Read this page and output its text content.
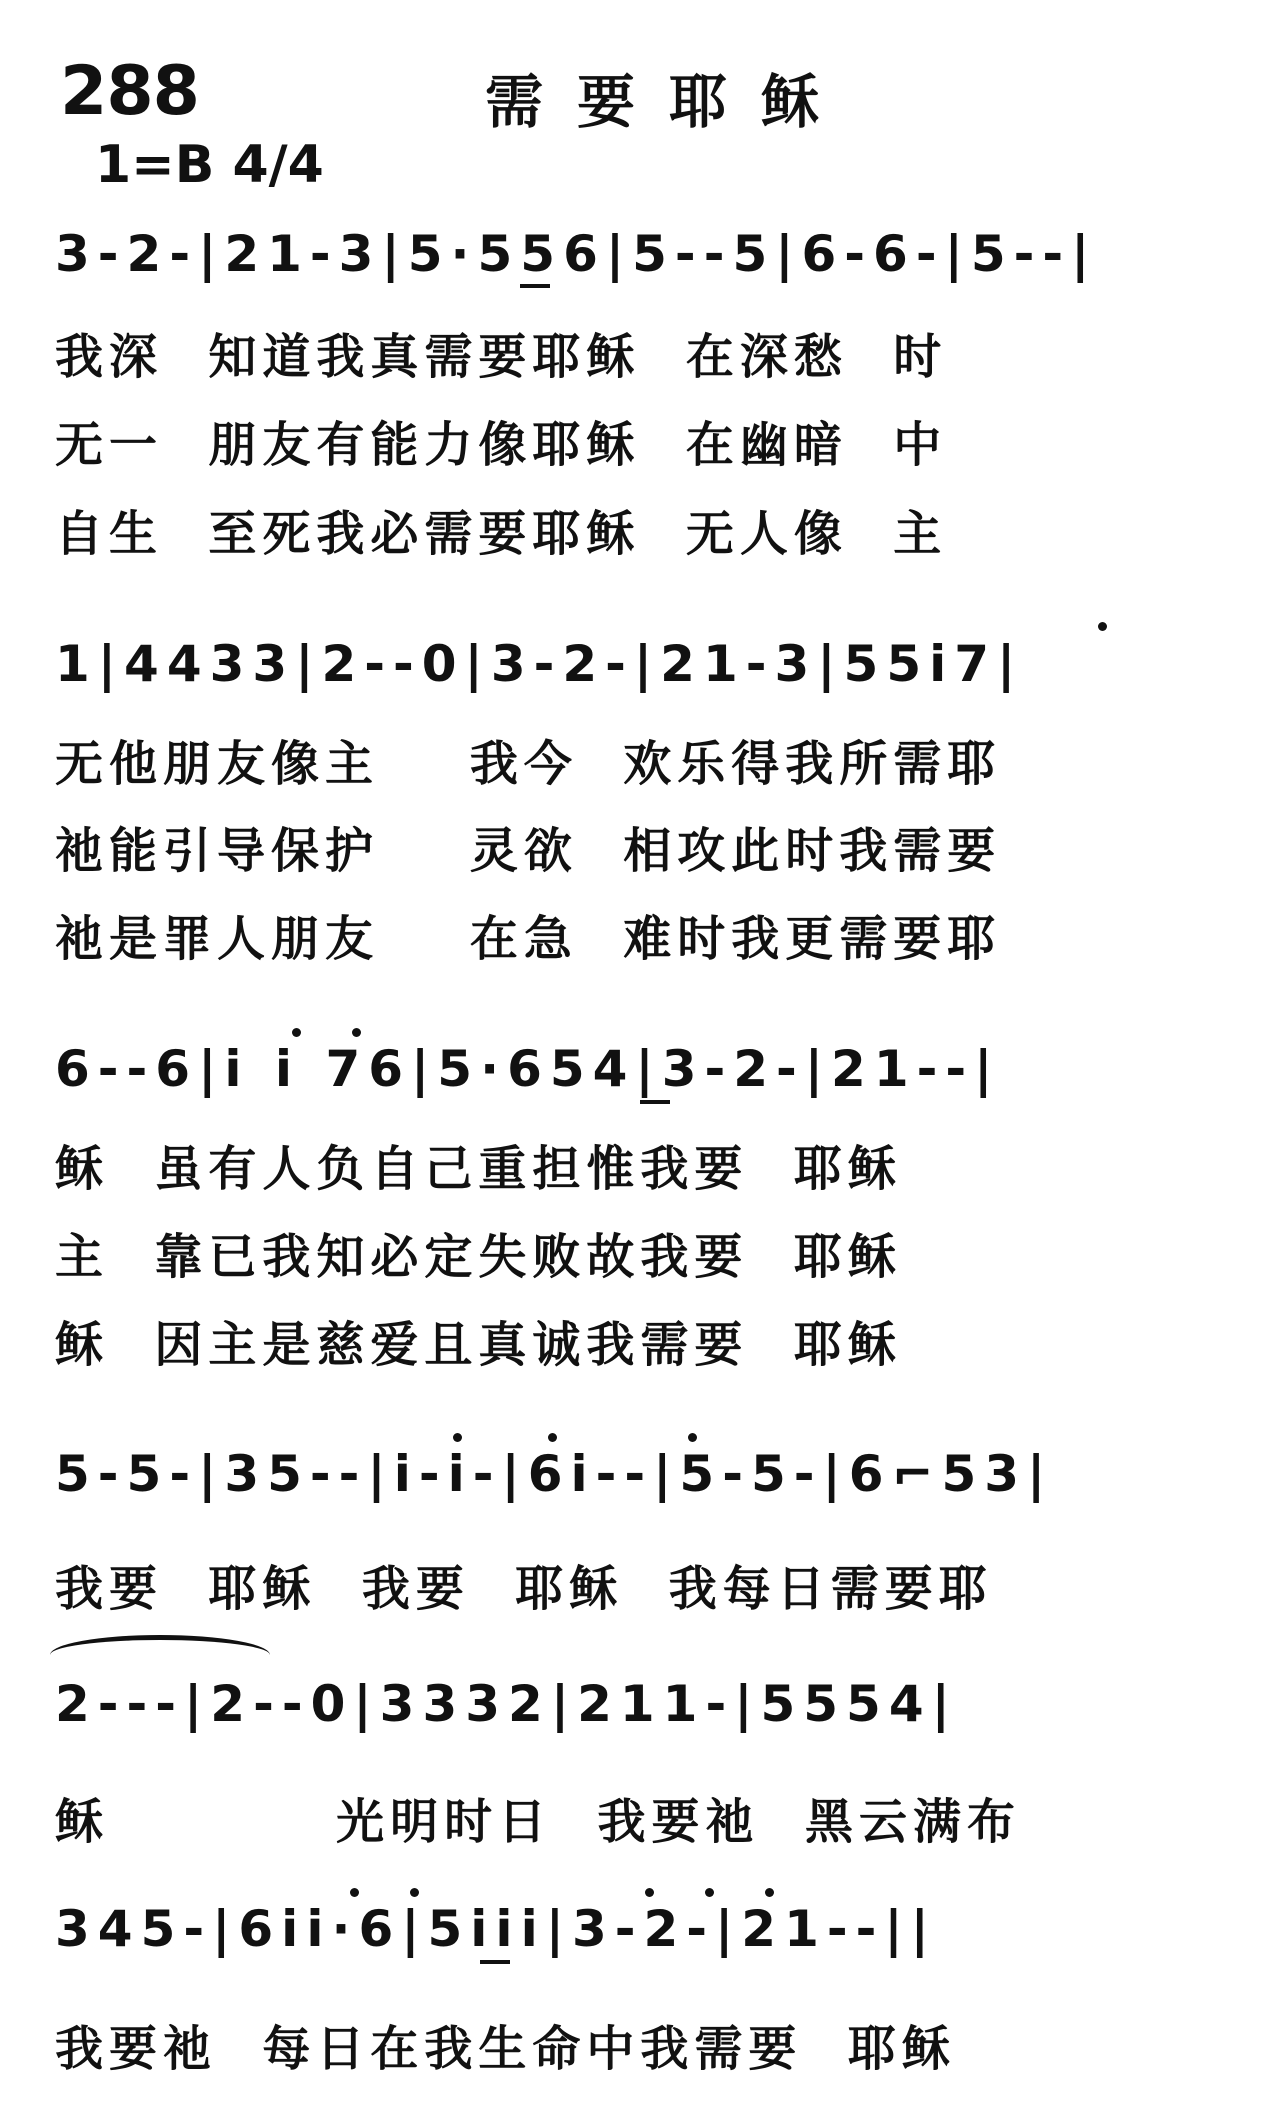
288	需要耶稣
1=B 4/4
3-2-|21-3|5·556|5--5|6-6-|5--|
我深  知道我真需要耶稣  在深愁  时
无一  朋友有能力像耶稣  在幽暗  中
自生  至死我必需要耶稣  无人像  主
1|4433|2--0|3-2-|21-3|55i7|
无他朋友像主    我今  欢乐得我所需耶
祂能引导保护    灵欲  相攻此时我需要
祂是罪人朋友    在急  难时我更需要耶
6--6|i i 76|5·654|3-2-|21--|
稣  虽有人负自己重担惟我要  耶稣
主  靠已我知必定失败故我要  耶稣
稣  因主是慈爱且真诚我需要  耶稣
5-5-|35--|i-i-|6i--|5-5-|6⌐53|
我要  耶稣  我要  耶稣  我每日需要耶
2---|2--0|3332|211-|5554|
稣          光明时日  我要祂  黑云满布
345-|6ii·6|5iii|3-2-|21--||
我要祂  每日在我生命中我需要  耶稣
